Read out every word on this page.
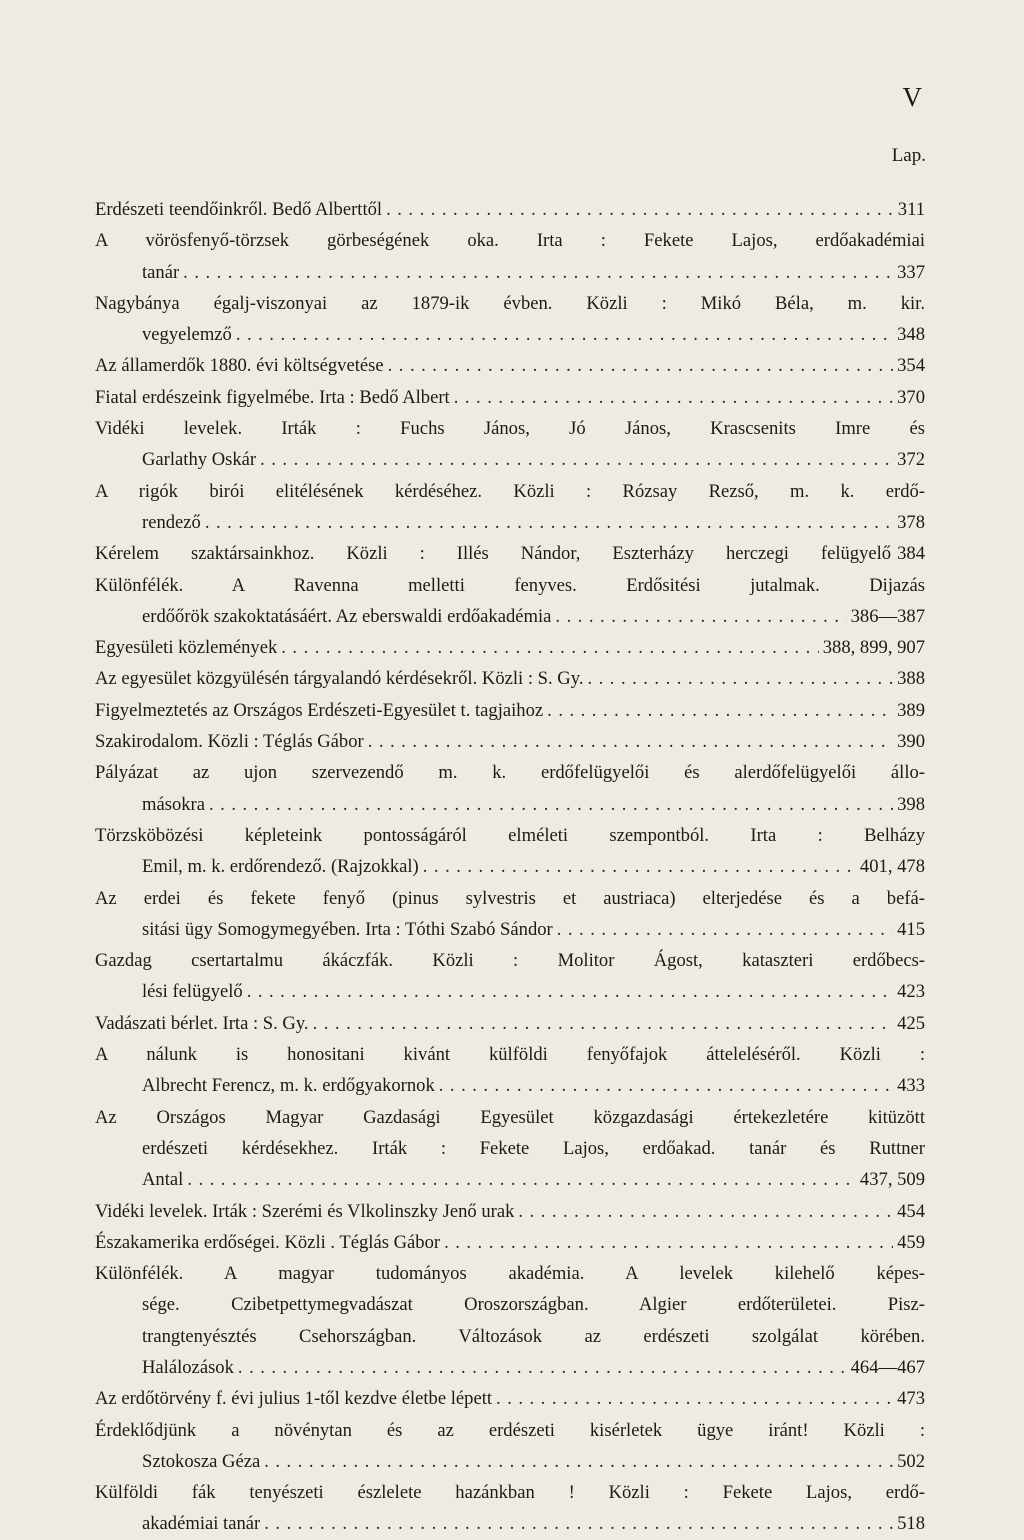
V
Lap.
Erdészeti teendőinkről. Bedő Alberttől . . .	311
A vörösfenyő-törzsek görbeségének oka. Irta : Fekete Lajos, erdőakadémiai
tanár . . .	337
Nagybánya égalj-viszonyai az 1879-ik évben. Közli : Mikó Béla, m. kir.
vegyelemző . . .	348
Az államerdők 1880. évi költségvetése . . .	354
Fiatal erdészeink figyelmébe. Irta : Bedő Albert . . .	370
Vidéki levelek. Irták : Fuchs János, Jó János, Krascsenits Imre és
Garlathy Oskár . . .	372
A rigók birói elitélésének kérdéséhez. Közli : Rózsay Rezső, m. k. erdő-
rendező . . .	378
Kérelem szaktársainkhoz. Közli : Illés Nándor, Eszterházy herczegi felügyelő 384
Különfélék. A Ravenna melletti fenyves. Erdősitési jutalmak. Dijazás
erdőőrök szakoktatásáért. Az eberswaldi erdőakadémia . . .	386—387
Egyesületi közlemények . . .	388, 899, 907
Az egyesület közgyülésén tárgyalandó kérdésekről. Közli : S. Gy. . . .	388
Figyelmeztetés az Országos Erdészeti-Egyesület t. tagjaihoz . . .	389
Szakirodalom. Közli : Téglás Gábor . . .	390
Pályázat az ujon szervezendő m. k. erdőfelügyelői és alerdőfelügyelői állo-
másokra . . .	398
Törzsköbözési képleteink pontosságáról elméleti szempontból. Irta : Belházy
Emil, m. k. erdőrendező. (Rajzokkal) . . .	401, 478
Az erdei és fekete fenyő (pinus sylvestris et austriaca) elterjedése és a befá-
sitási ügy Somogymegyében. Irta : Tóthi Szabó Sándor . . .	415
Gazdag csertartalmu ákáczfák. Közli : Molitor Ágost, kataszteri erdőbecs-
lési felügyelő . . .	423
Vadászati bérlet. Irta : S. Gy. . . .	425
A nálunk is honositani kivánt külföldi fenyőfajok átteleléséről. Közli :
Albrecht Ferencz, m. k. erdőgyakornok . . .	433
Az Országos Magyar Gazdasági Egyesület közgazdasági értekezletére kitüzött
erdészeti kérdésekhez. Irták : Fekete Lajos, erdőakad. tanár és Ruttner
Antal . . .	437, 509
Vidéki levelek. Irták : Szerémi és Vlkolinszky Jenő urak . . .	454
Északamerika erdőségei. Közli . Téglás Gábor . . .	459
Különfélék. A magyar tudományos akadémia. A levelek kilehelő képes-
sége. Czibetpettymegvadászat Oroszországban. Algier erdőterületei. Pisz-
trangtenyésztés Csehországban. Változások az erdészeti szolgálat körében.
Halálozások . . .	464—467
Az erdőtörvény f. évi julius 1-től kezdve életbe lépett . . .	473
Érdeklődjünk a növénytan és az erdészeti kisérletek ügye iránt! Közli :
Sztokosza Géza . . .	502
Külföldi fák tenyészeti észlelete hazánkban ! Közli : Fekete Lajos, erdő-
akadémiai tanár . . .	518
